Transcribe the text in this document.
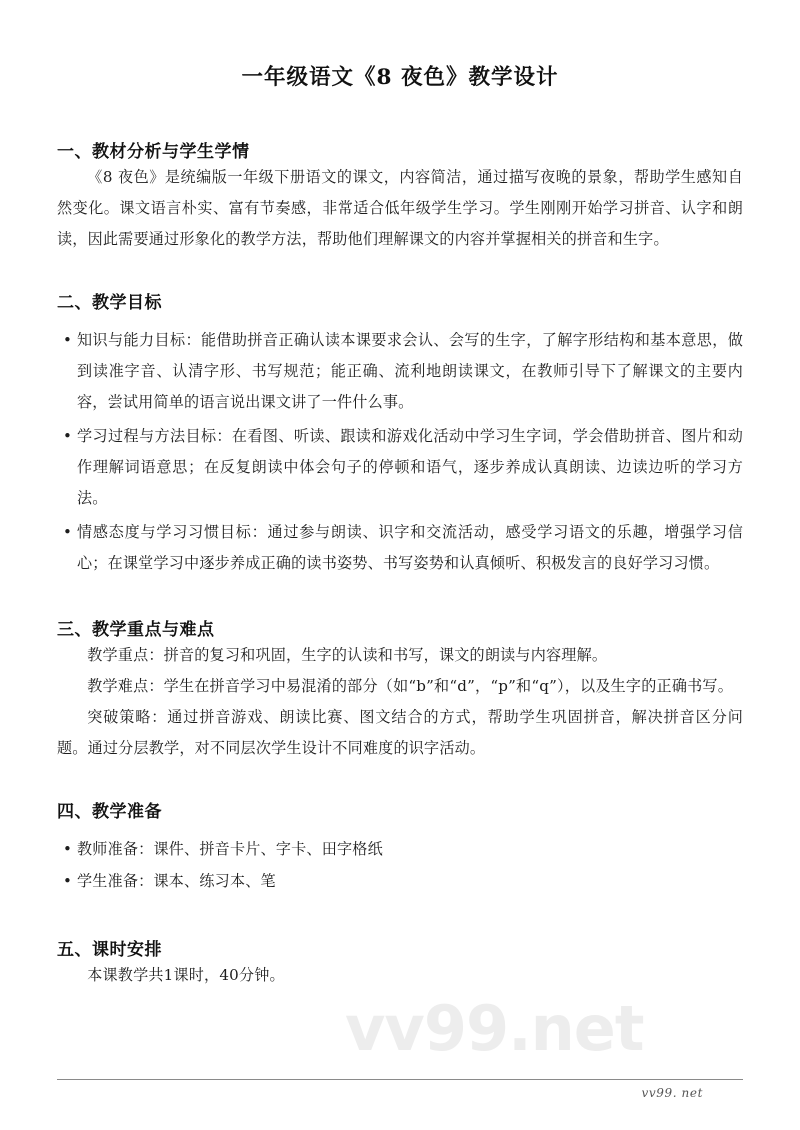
vv99.net
一年级语文《8 夜色》教学设计
一、教材分析与学生学情

《8 夜色》是统编版一年级下册语文的课文，内容简洁，通过描写夜晚的景象，帮助学生感知自然变化。课文语言朴实、富有节奏感，非常适合低年级学生学习。学生刚刚开始学习拼音、认字和朗读，因此需要通过形象化的教学方法，帮助他们理解课文的内容并掌握相关的拼音和生字。

二、教学目标
• 知识与能力目标：能借助拼音正确认读本课要求会认、会写的生字，了解字形结构和基本意思，做到读准字音、认清字形、书写规范；能正确、流利地朗读课文，在教师引导下了解课文的主要内容，尝试用简单的语言说出课文讲了一件什么事。
• 学习过程与方法目标：在看图、听读、跟读和游戏化活动中学习生字词，学会借助拼音、图片和动作理解词语意思；在反复朗读中体会句子的停顿和语气，逐步养成认真朗读、边读边听的学习方法。
• 情感态度与学习习惯目标：通过参与朗读、识字和交流活动，感受学习语文的乐趣，增强学习信心；在课堂学习中逐步养成正确的读书姿势、书写姿势和认真倾听、积极发言的良好学习习惯。
三、教学重点与难点

教学重点：拼音的复习和巩固，生字的认读和书写，课文的朗读与内容理解。

教学难点：学生在拼音学习中易混淆的部分（如“b”和“d”，“p”和“q”），以及生字的正确书写。

突破策略：通过拼音游戏、朗读比赛、图文结合的方式，帮助学生巩固拼音，解决拼音区分问题。通过分层教学，对不同层次学生设计不同难度的识字活动。

四、教学准备
• 教师准备：课件、拼音卡片、字卡、田字格纸
• 学生准备：课本、练习本、笔
五、课时安排

本课教学共1课时，40分钟。

vv99. net
